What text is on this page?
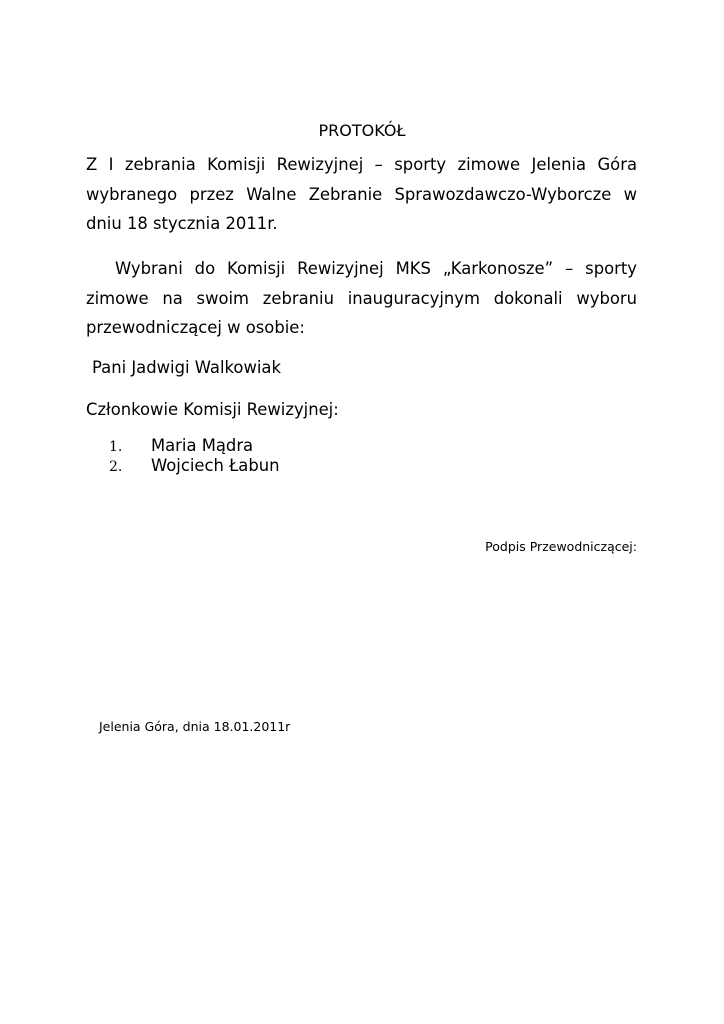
PROTOKÓŁ
Z I zebrania Komisji Rewizyjnej – sporty zimowe Jelenia Góra wybranego przez Walne Zebranie Sprawozdawczo-Wyborcze w dniu 18 stycznia 2011r.
Wybrani do Komisji Rewizyjnej MKS „Karkonosze” – sporty zimowe na swoim zebraniu inauguracyjnym dokonali wyboru przewodniczącej w osobie:
Pani Jadwigi Walkowiak
Członkowie Komisji Rewizyjnej:
1.	Maria Mądra
2.	Wojciech Łabun
Podpis Przewodniczącej:
Jelenia Góra, dnia 18.01.2011r
